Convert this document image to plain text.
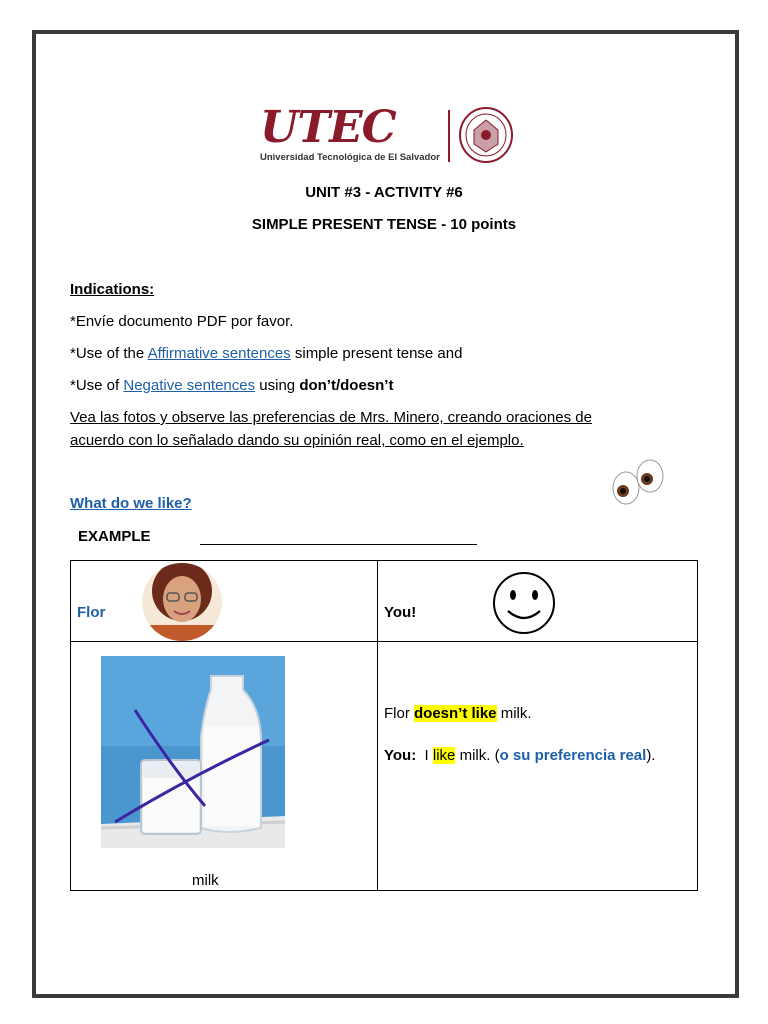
UTEC
Universidad Tecnológica de El Salvador
UNIT #3 - ACTIVITY #6
SIMPLE PRESENT TENSE - 10 points
Indications:
*Envíe documento PDF por favor.
*Use of the Affirmative sentences simple present tense and
*Use of Negative sentences using don’t/doesn’t
Vea las fotos y observe las preferencias de Mrs. Minero, creando oraciones de
acuerdo con lo señalado dando su opinión real, como en el ejemplo.
What do we like?
EXAMPLE
Flor	You!
milk
Flor doesn’t like milk.
You:  I like milk. (o su preferencia real).
